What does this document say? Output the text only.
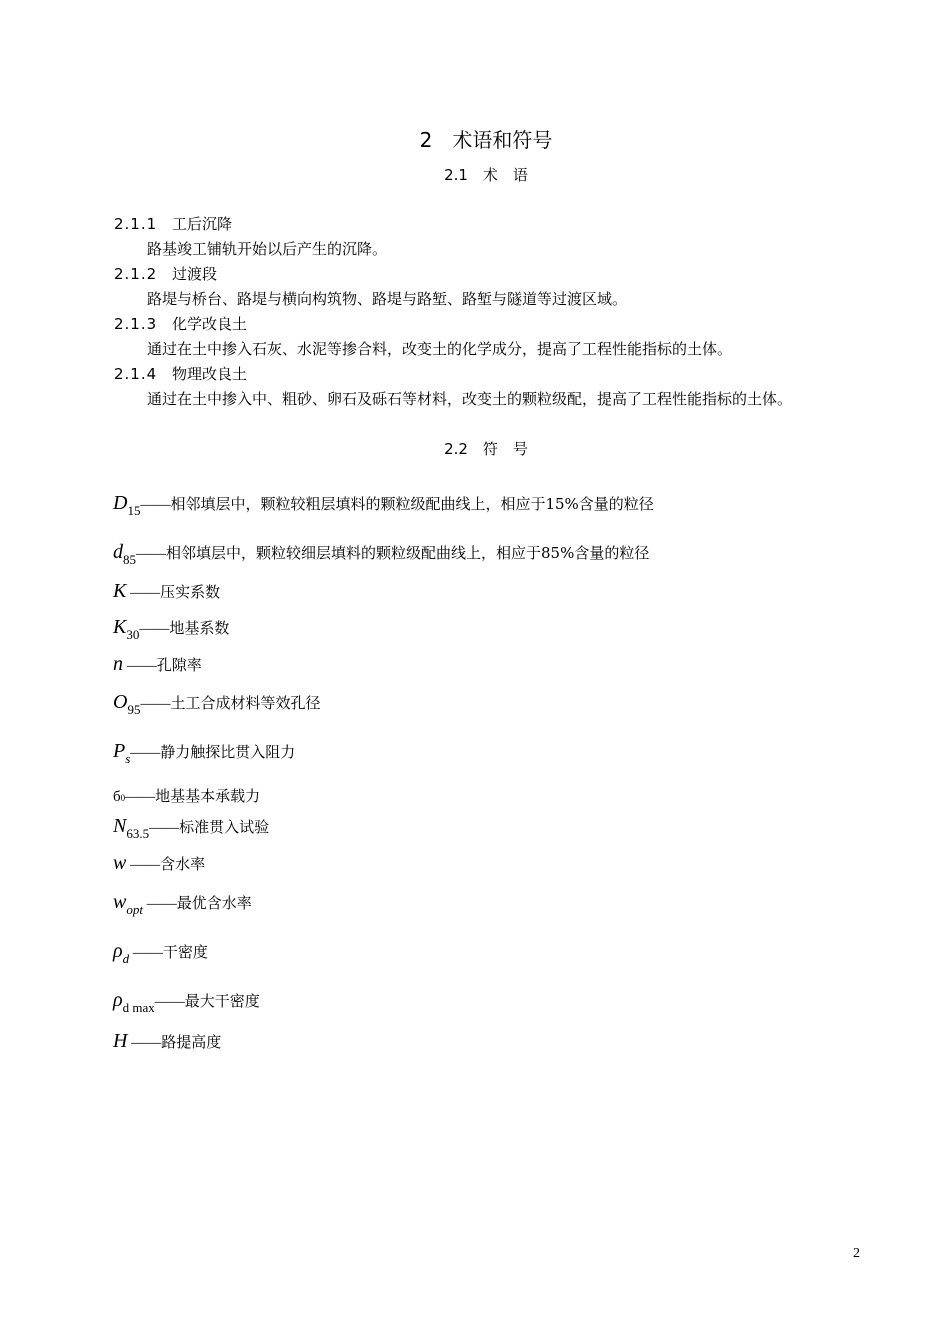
2　术语和符号
2.1　术　语
2.1.1 工后沉降
路基竣工铺轨开始以后产生的沉降。
2.1.2 过渡段
路堤与桥台、路堤与横向构筑物、路堤与路堑、路堑与隧道等过渡区域。
2.1.3 化学改良土
通过在土中掺入石灰、水泥等掺合料，改变土的化学成分，提高了工程性能指标的土体。
2.1.4 物理改良土
通过在土中掺入中、粗砂、卵石及砾石等材料，改变土的颗粒级配，提高了工程性能指标的土体。
2.2　符　号
D15——相邻填层中，颗粒较粗层填料的颗粒级配曲线上，相应于15%含量的粒径
d85——相邻填层中，颗粒较细层填料的颗粒级配曲线上，相应于85%含量的粒径
K ——压实系数
K30——地基系数
n ——孔隙率
O95——土工合成材料等效孔径
Ps——静力触探比贯入阻力
б0——地基基本承载力
N63.5——标准贯入试验
w ——含水率
wopt ——最优含水率
ρd ——干密度
ρd max——最大干密度
H ——路提高度
2
